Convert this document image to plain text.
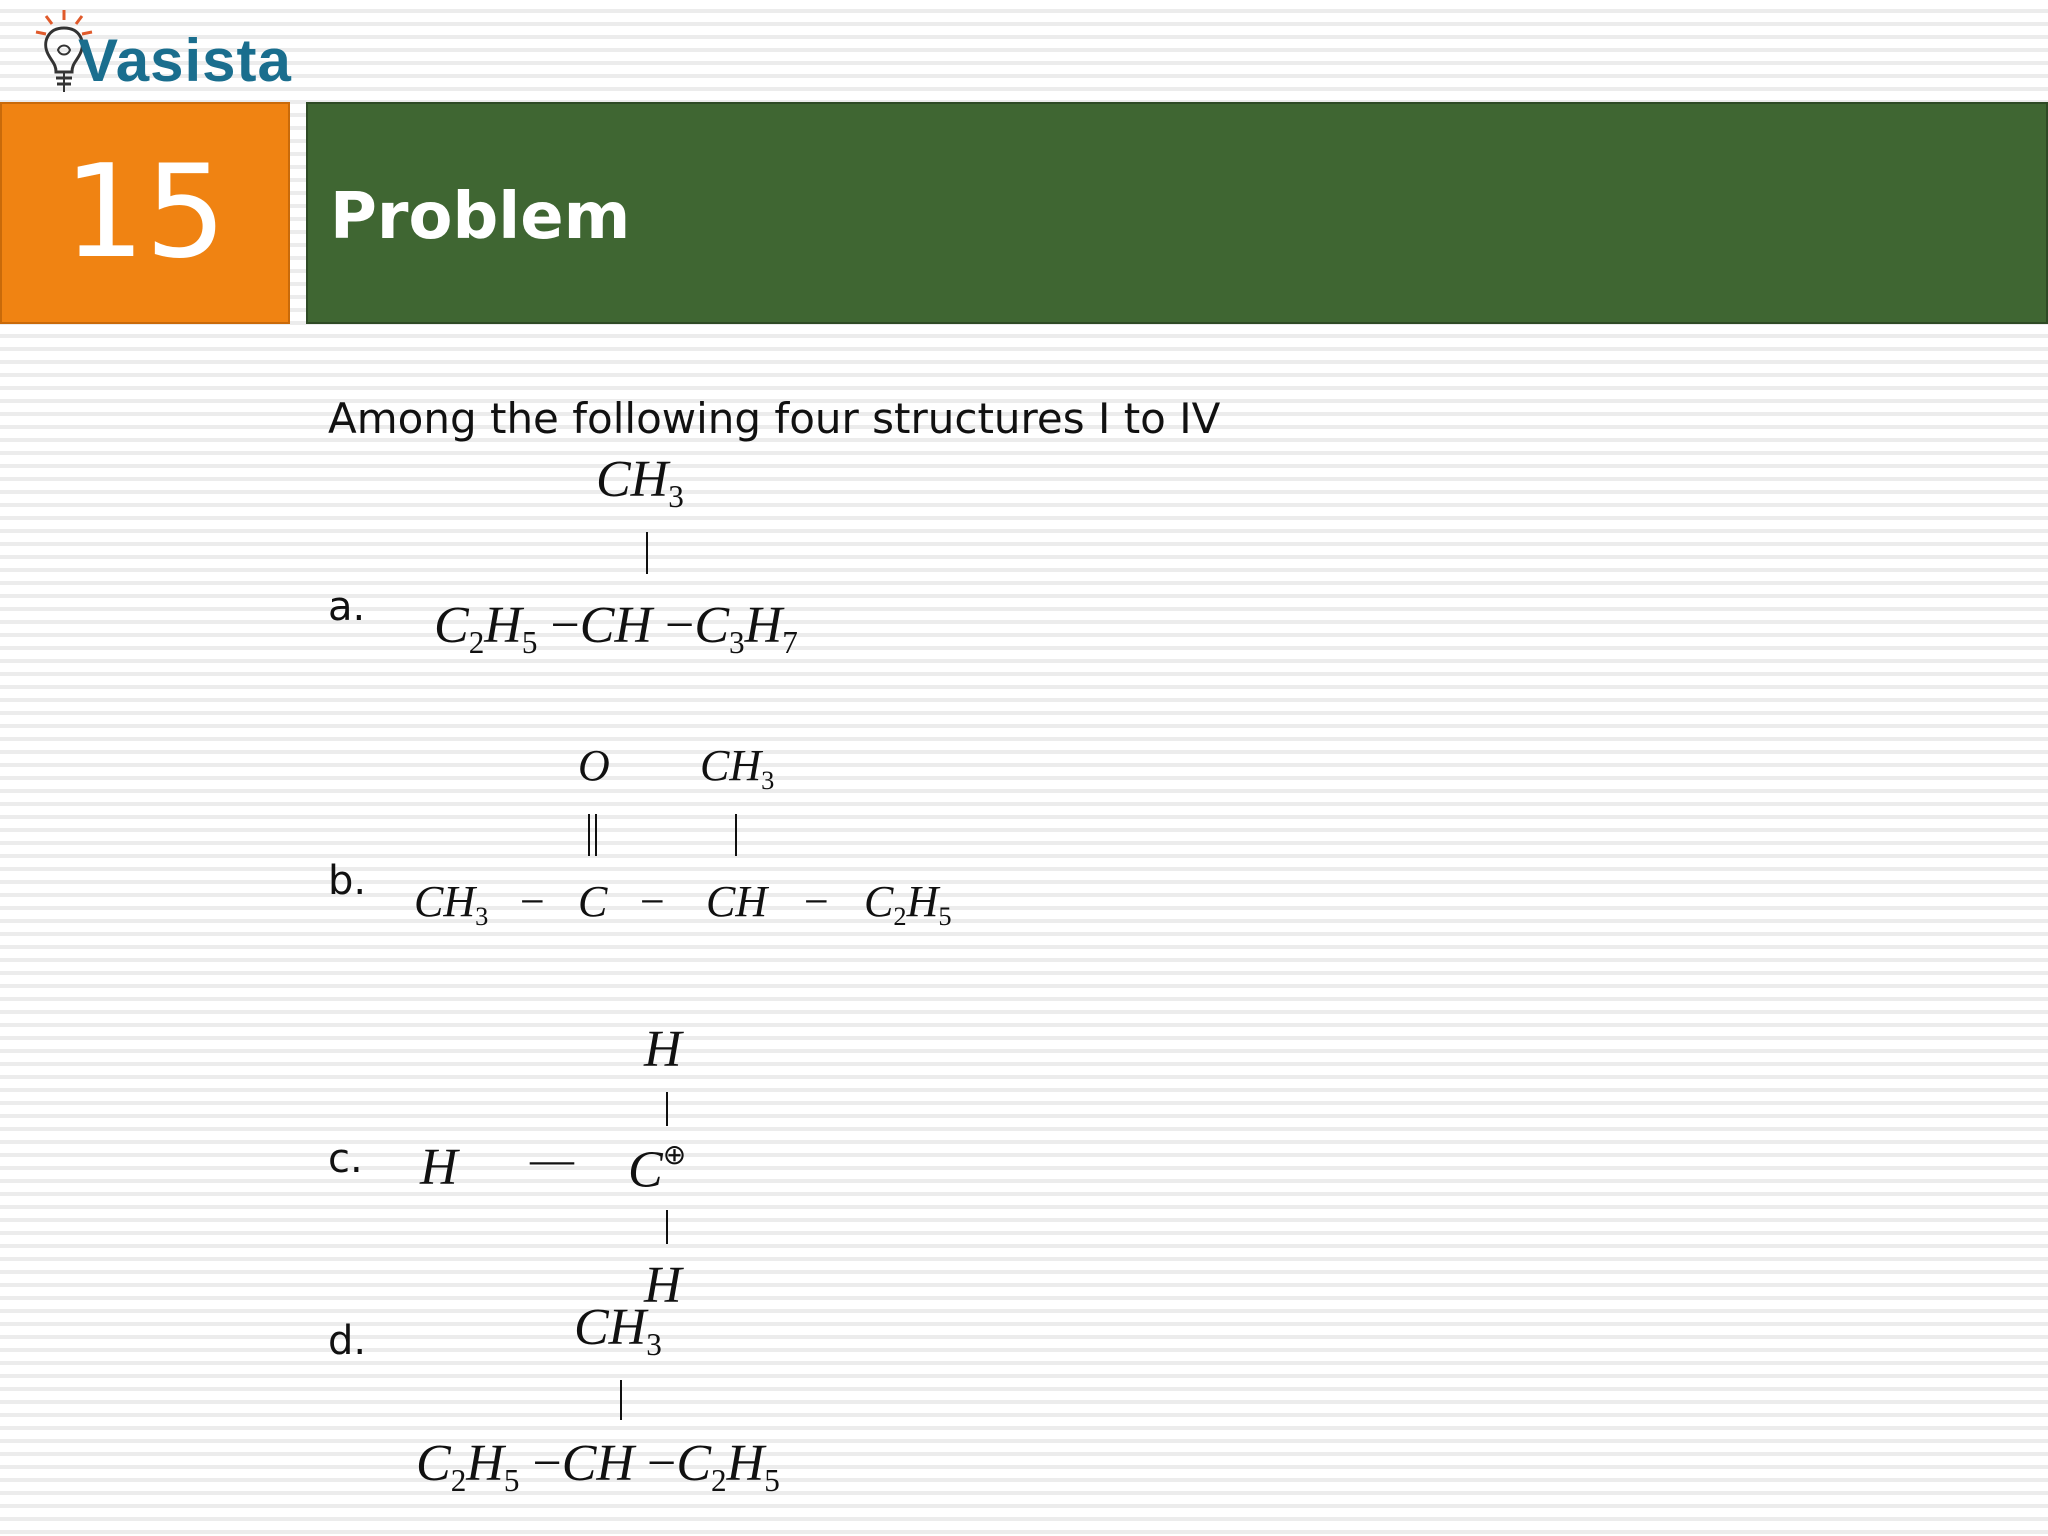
Vasista
15 Problem
Among the following four structures I to IV
a.
$CH_3$
$C_2H_5 -CH -C_3H_7$
b.
O $CH_3$
$CH_3 - C$ − CH − $C_2H_5$
c.
H
H — C⊕
H
d.	$CH_3$
$C_2H_5 -CH -C_2H_5$
